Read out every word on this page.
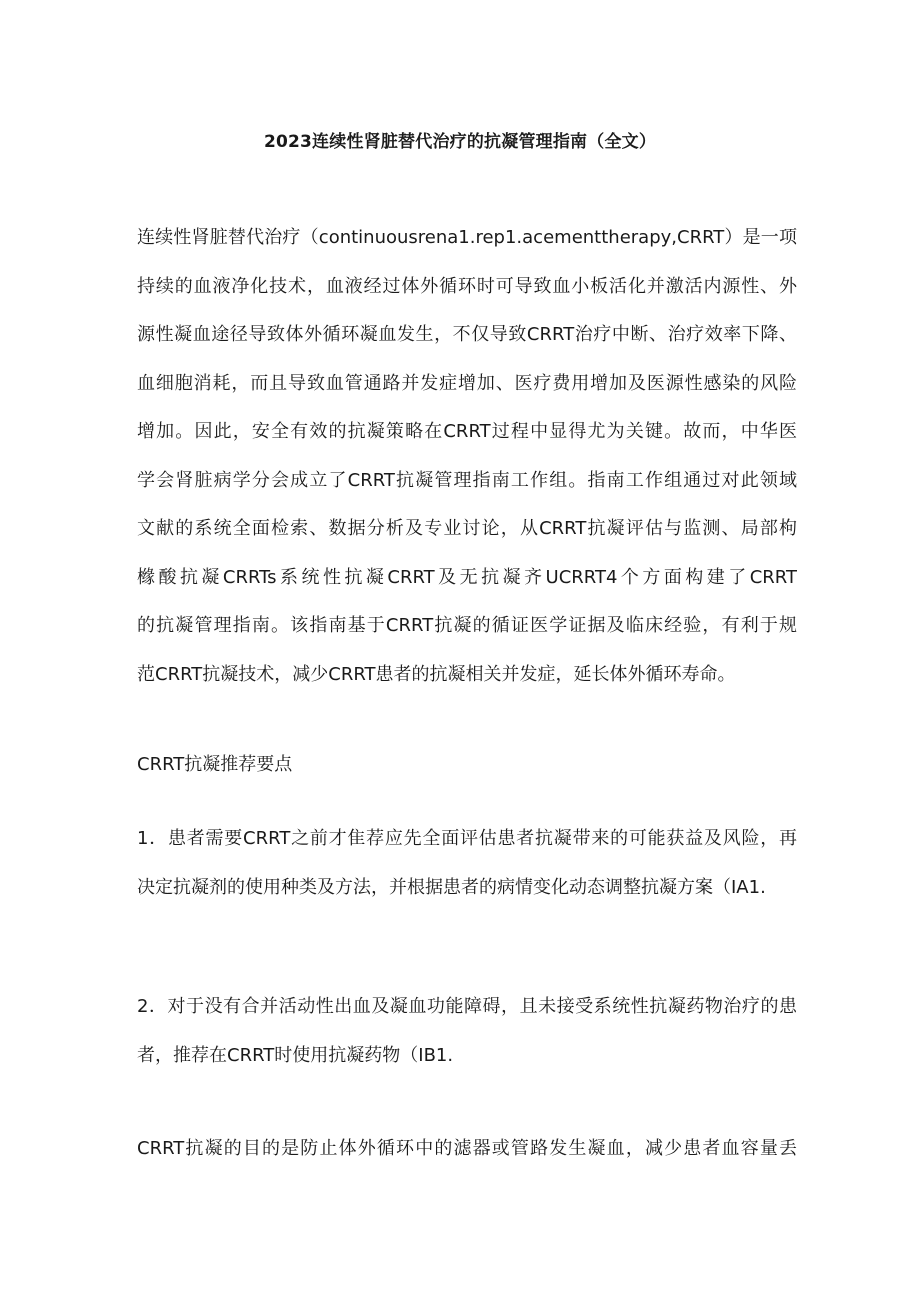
2023连续性肾脏替代治疗的抗凝管理指南（全文）
连续性肾脏替代治疗（continuousrena1.rep1.acementtherapy,CRRT）是一项
持续的血液净化技术，血液经过体外循环时可导致血小板活化并激活内源性、外
源性凝血途径导致体外循环凝血发生，不仅导致CRRT治疗中断、治疗效率下降、
血细胞消耗，而且导致血管通路并发症增加、医疗费用增加及医源性感染的风险
增加。因此，安全有效的抗凝策略在CRRT过程中显得尤为关键。故而，中华医
学会肾脏病学分会成立了CRRT抗凝管理指南工作组。指南工作组通过对此领域
文献的系统全面检索、数据分析及专业讨论，从CRRT抗凝评估与监测、局部枸
橼酸抗凝CRRTs系统性抗凝CRRT及无抗凝齐UCRRT4个方面构建了CRRT
的抗凝管理指南。该指南基于CRRT抗凝的循证医学证据及临床经验，有利于规
范CRRT抗凝技术，减少CRRT患者的抗凝相关并发症，延长体外循环寿命。
CRRT抗凝推荐要点
1．患者需要CRRT之前才隹荐应先全面评估患者抗凝带来的可能获益及风险，再
决定抗凝剂的使用种类及方法，并根据患者的病情变化动态调整抗凝方案（IA1.
2．对于没有合并活动性出血及凝血功能障碍，且未接受系统性抗凝药物治疗的患
者，推荐在CRRT时使用抗凝药物（IB1.
CRRT抗凝的目的是防止体外循环中的滤器或管路发生凝血，减少患者血容量丢
